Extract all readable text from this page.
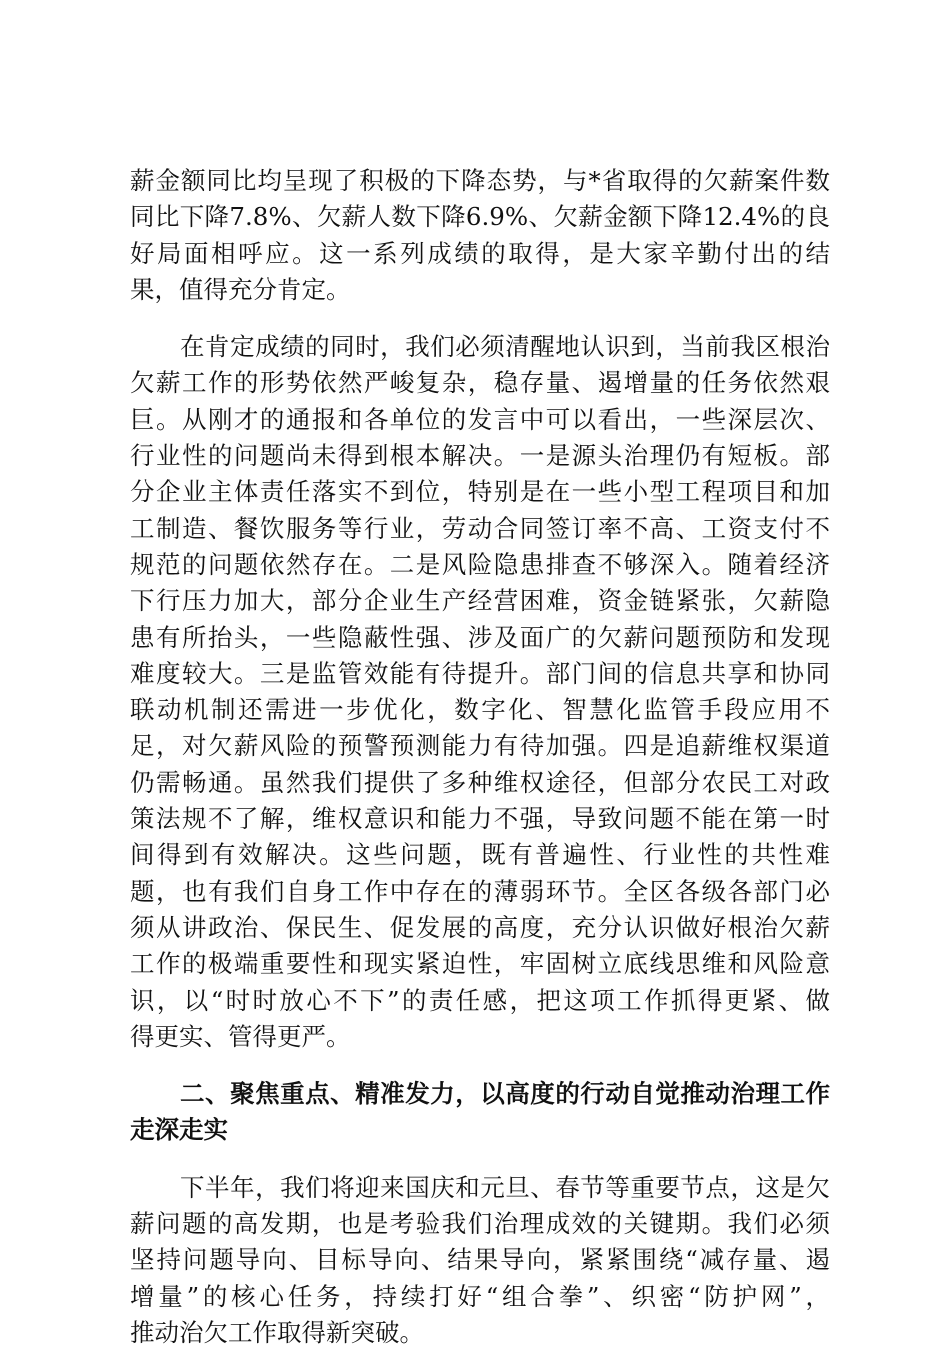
薪金额同比均呈现了积极的下降态势，与*省取得的欠薪案件数
同比下降7.8%、欠薪人数下降6.9%、欠薪金额下降12.4%的良
好局面相呼应。这一系列成绩的取得，是大家辛勤付出的结
果，值得充分肯定。
　　在肯定成绩的同时，我们必须清醒地认识到，当前我区根治
欠薪工作的形势依然严峻复杂，稳存量、遏增量的任务依然艰
巨。从刚才的通报和各单位的发言中可以看出，一些深层次、
行业性的问题尚未得到根本解决。一是源头治理仍有短板。部
分企业主体责任落实不到位，特别是在一些小型工程项目和加
工制造、餐饮服务等行业，劳动合同签订率不高、工资支付不
规范的问题依然存在。二是风险隐患排查不够深入。随着经济
下行压力加大，部分企业生产经营困难，资金链紧张，欠薪隐
患有所抬头，一些隐蔽性强、涉及面广的欠薪问题预防和发现
难度较大。三是监管效能有待提升。部门间的信息共享和协同
联动机制还需进一步优化，数字化、智慧化监管手段应用不
足，对欠薪风险的预警预测能力有待加强。四是追薪维权渠道
仍需畅通。虽然我们提供了多种维权途径，但部分农民工对政
策法规不了解，维权意识和能力不强，导致问题不能在第一时
间得到有效解决。这些问题，既有普遍性、行业性的共性难
题，也有我们自身工作中存在的薄弱环节。全区各级各部门必
须从讲政治、保民生、促发展的高度，充分认识做好根治欠薪
工作的极端重要性和现实紧迫性，牢固树立底线思维和风险意
识，以“时时放心不下”的责任感，把这项工作抓得更紧、做
得更实、管得更严。
　　二、聚焦重点、精准发力，以高度的行动自觉推动治理工作
走深走实
　　下半年，我们将迎来国庆和元旦、春节等重要节点，这是欠
薪问题的高发期，也是考验我们治理成效的关键期。我们必须
坚持问题导向、目标导向、结果导向，紧紧围绕“减存量、遏
增量”的核心任务，持续打好“组合拳”、织密“防护网”，
推动治欠工作取得新突破。
